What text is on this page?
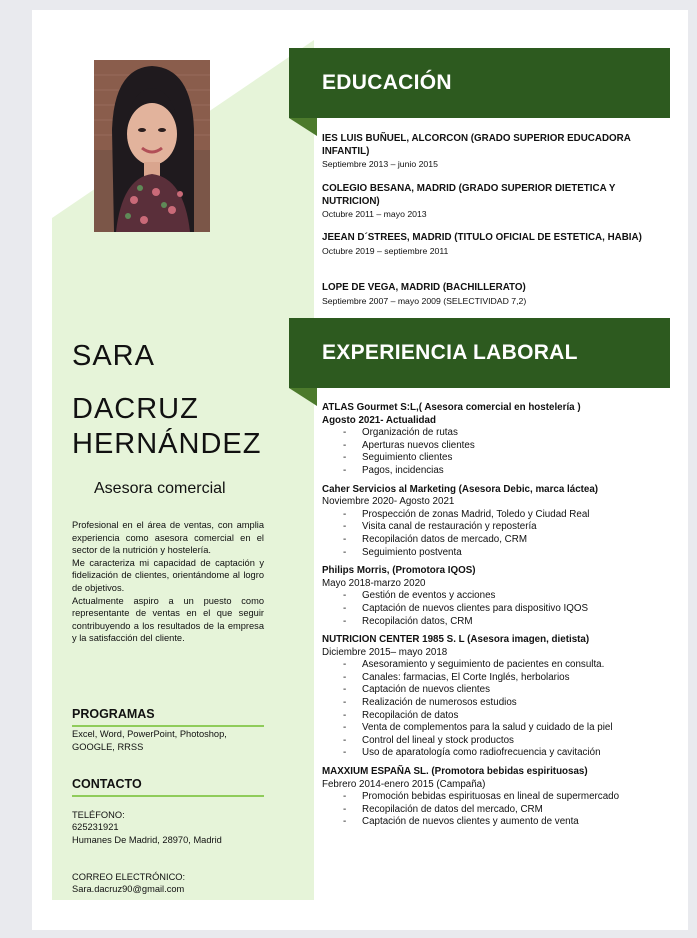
SARA
DACRUZ
HERNÁNDEZ
Asesora comercial

Profesional en el área de ventas, con amplia experiencia como asesora comercial en el sector de la nutrición y hostelería.

Me caracteriza mi capacidad de captación y fidelización de clientes, orientándome al logro de objetivos.

Actualmente aspiro a un puesto como representante de ventas en el que seguir contribuyendo a los resultados de la empresa y la satisfacción del cliente.

PROGRAMAS
Excel, Word, PowerPoint, Photoshop, GOOGLE, RRSS
CONTACTO
TELÉFONO:
625231921
Humanes De Madrid, 28970, Madrid
CORREO ELECTRÓNICO:
Sara.dacruz90@gmail.com
EDUCACIÓN
IES LUIS BUÑUEL, ALCORCON (GRADO SUPERIOR EDUCADORA INFANTIL)
Septiembre 2013 – junio 2015
COLEGIO BESANA, MADRID (GRADO SUPERIOR DIETETICA Y NUTRICION)
Octubre 2011 – mayo 2013
JEEAN D´STREES, MADRID (TITULO OFICIAL DE ESTETICA, HABIA)
Octubre 2019 – septiembre 2011
LOPE DE VEGA, MADRID (BACHILLERATO)
Septiembre 2007 – mayo 2009 (SELECTIVIDAD 7,2)
EXPERIENCIA LABORAL
ATLAS Gourmet S:L,( Asesora comercial en hostelería )
Agosto 2021- Actualidad
- Organización de rutas
- Aperturas nuevos clientes
- Seguimiento clientes
- Pagos, incidencias
Caher Servicios al Marketing (Asesora Debic, marca láctea)
Noviembre 2020- Agosto 2021
- Prospección de zonas Madrid, Toledo y Ciudad Real
- Visita canal de restauración y repostería
- Recopilación datos de mercado, CRM
- Seguimiento postventa
Philips Morris, (Promotora IQOS)
Mayo 2018-marzo 2020
- Gestión de eventos y acciones
- Captación de nuevos clientes para dispositivo IQOS
- Recopilación datos, CRM
NUTRICION CENTER 1985 S. L (Asesora imagen, dietista)
Diciembre 2015– mayo 2018
- Asesoramiento y seguimiento de pacientes en consulta.
- Canales: farmacias, El Corte Inglés, herbolarios
- Captación de nuevos clientes
- Realización de numerosos estudios
- Recopilación de datos
- Venta de complementos para la salud y cuidado de la piel
- Control del lineal y stock productos
- Uso de aparatología como radiofrecuencia y cavitación
MAXXIUM ESPAÑA SL. (Promotora bebidas espirituosas)
Febrero 2014-enero 2015 (Campaña)
- Promoción bebidas espirituosas en lineal de supermercado
- Recopilación de datos del mercado, CRM
- Captación de nuevos clientes y aumento de venta
